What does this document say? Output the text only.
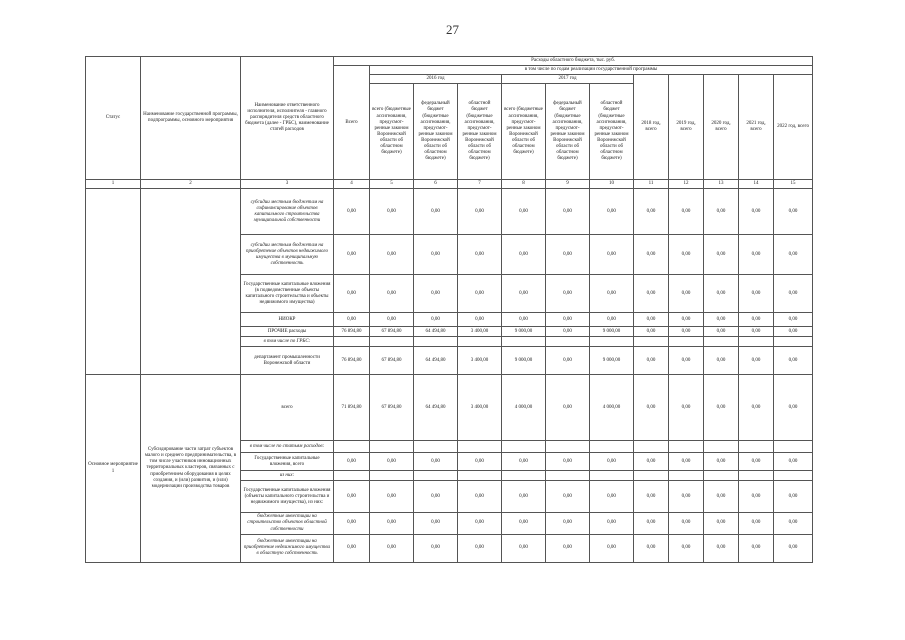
27
Статус	Наименование государственной программы, подпрограммы, основного мероприятия	Наименование ответственного исполнителя, исполнителя - главного распорядителя средств областного бюджета (далее - ГРБС), наименование статей расходов	Расходы областного бюджета, тыс. руб.											
			Всего	в том числе по годам реализации государственной программы										
				2016 год			2017 год			2018 год, всего	2019 год, всего	2020 год, всего	2021 год, всего	2022 год, всего
				всего (бюджетные ассигнования, предусмот-ренные законом Воронежской области об областном бюджете)	федеральный бюджет (бюджетные ассигнования, предусмот-ренные законом Воронежской области об областном бюджете)	областной бюджет (бюджетные ассигнования, предусмот-ренные законом Воронежской области об областном бюджете)	всего (бюджетные ассигнования, предусмот-ренные законом Воронежской области об областном бюджете)	федеральный бюджет (бюджетные ассигнования, предусмот-ренные законом Воронежской области об областном бюджете)	областной бюджет (бюджетные ассигнования, предусмот-ренные законом Воронежской области об областном бюджете)					
1	2	3	4	5	6	7	8	9	10	11	12	13	14	15
		субсидии местным бюджетам на софинансирование объектов капитального строительства муниципальной собственности	0,00	0,00	0,00	0,00	0,00	0,00	0,00	0,00	0,00	0,00	0,00	0,00
		субсидии местным бюджетам на приобретение объектов недвижимого имущества в муниципальную собственность	0,00	0,00	0,00	0,00	0,00	0,00	0,00	0,00	0,00	0,00	0,00	0,00
		Государственные капитальные вложения (в подведомственные объекты капитального строительства и объекты недвижимого имущества)	0,00	0,00	0,00	0,00	0,00	0,00	0,00	0,00	0,00	0,00	0,00	0,00
		НИОКР	0,00	0,00	0,00	0,00	0,00	0,00	0,00	0,00	0,00	0,00	0,00	0,00
		ПРОЧИЕ расходы	76 894,80	67 894,80	64 494,80	3 400,00	9 000,00	0,00	9 000,00	0,00	0,00	0,00	0,00	0,00
		в том числе по ГРБС:												
		департамент промышленности Воронежской области	76 894,80	67 894,80	64 494,80	3 400,00	9 000,00	0,00	9 000,00	0,00	0,00	0,00	0,00	0,00
Основное мероприятие 1	Субсидирование части затрат субъектов малого и среднего предпринимательства, в том числе участников инновационных территориальных кластеров, связанных с приобретением оборудования в целях создания, и (или) развития, и (или) модернизации производства товаров	всего	71 894,80	67 894,80	64 494,80	3 400,00	4 000,00	0,00	4 000,00	0,00	0,00	0,00	0,00	0,00
		в том числе по статьям расходов:												
		Государственные капитальные вложения, всего	0,00	0,00	0,00	0,00	0,00	0,00	0,00	0,00	0,00	0,00	0,00	0,00
		из них:												
		Государственные капитальные вложения (объекты капитального строительства и недвижимого имущества), из них:	0,00	0,00	0,00	0,00	0,00	0,00	0,00	0,00	0,00	0,00	0,00	0,00
		бюджетные инвестиции на строительство объектов областной собственности	0,00	0,00	0,00	0,00	0,00	0,00	0,00	0,00	0,00	0,00	0,00	0,00
		бюджетные инвестиции на приобретение недвижимого имущества в областную собственность	0,00	0,00	0,00	0,00	0,00	0,00	0,00	0,00	0,00	0,00	0,00	0,00
